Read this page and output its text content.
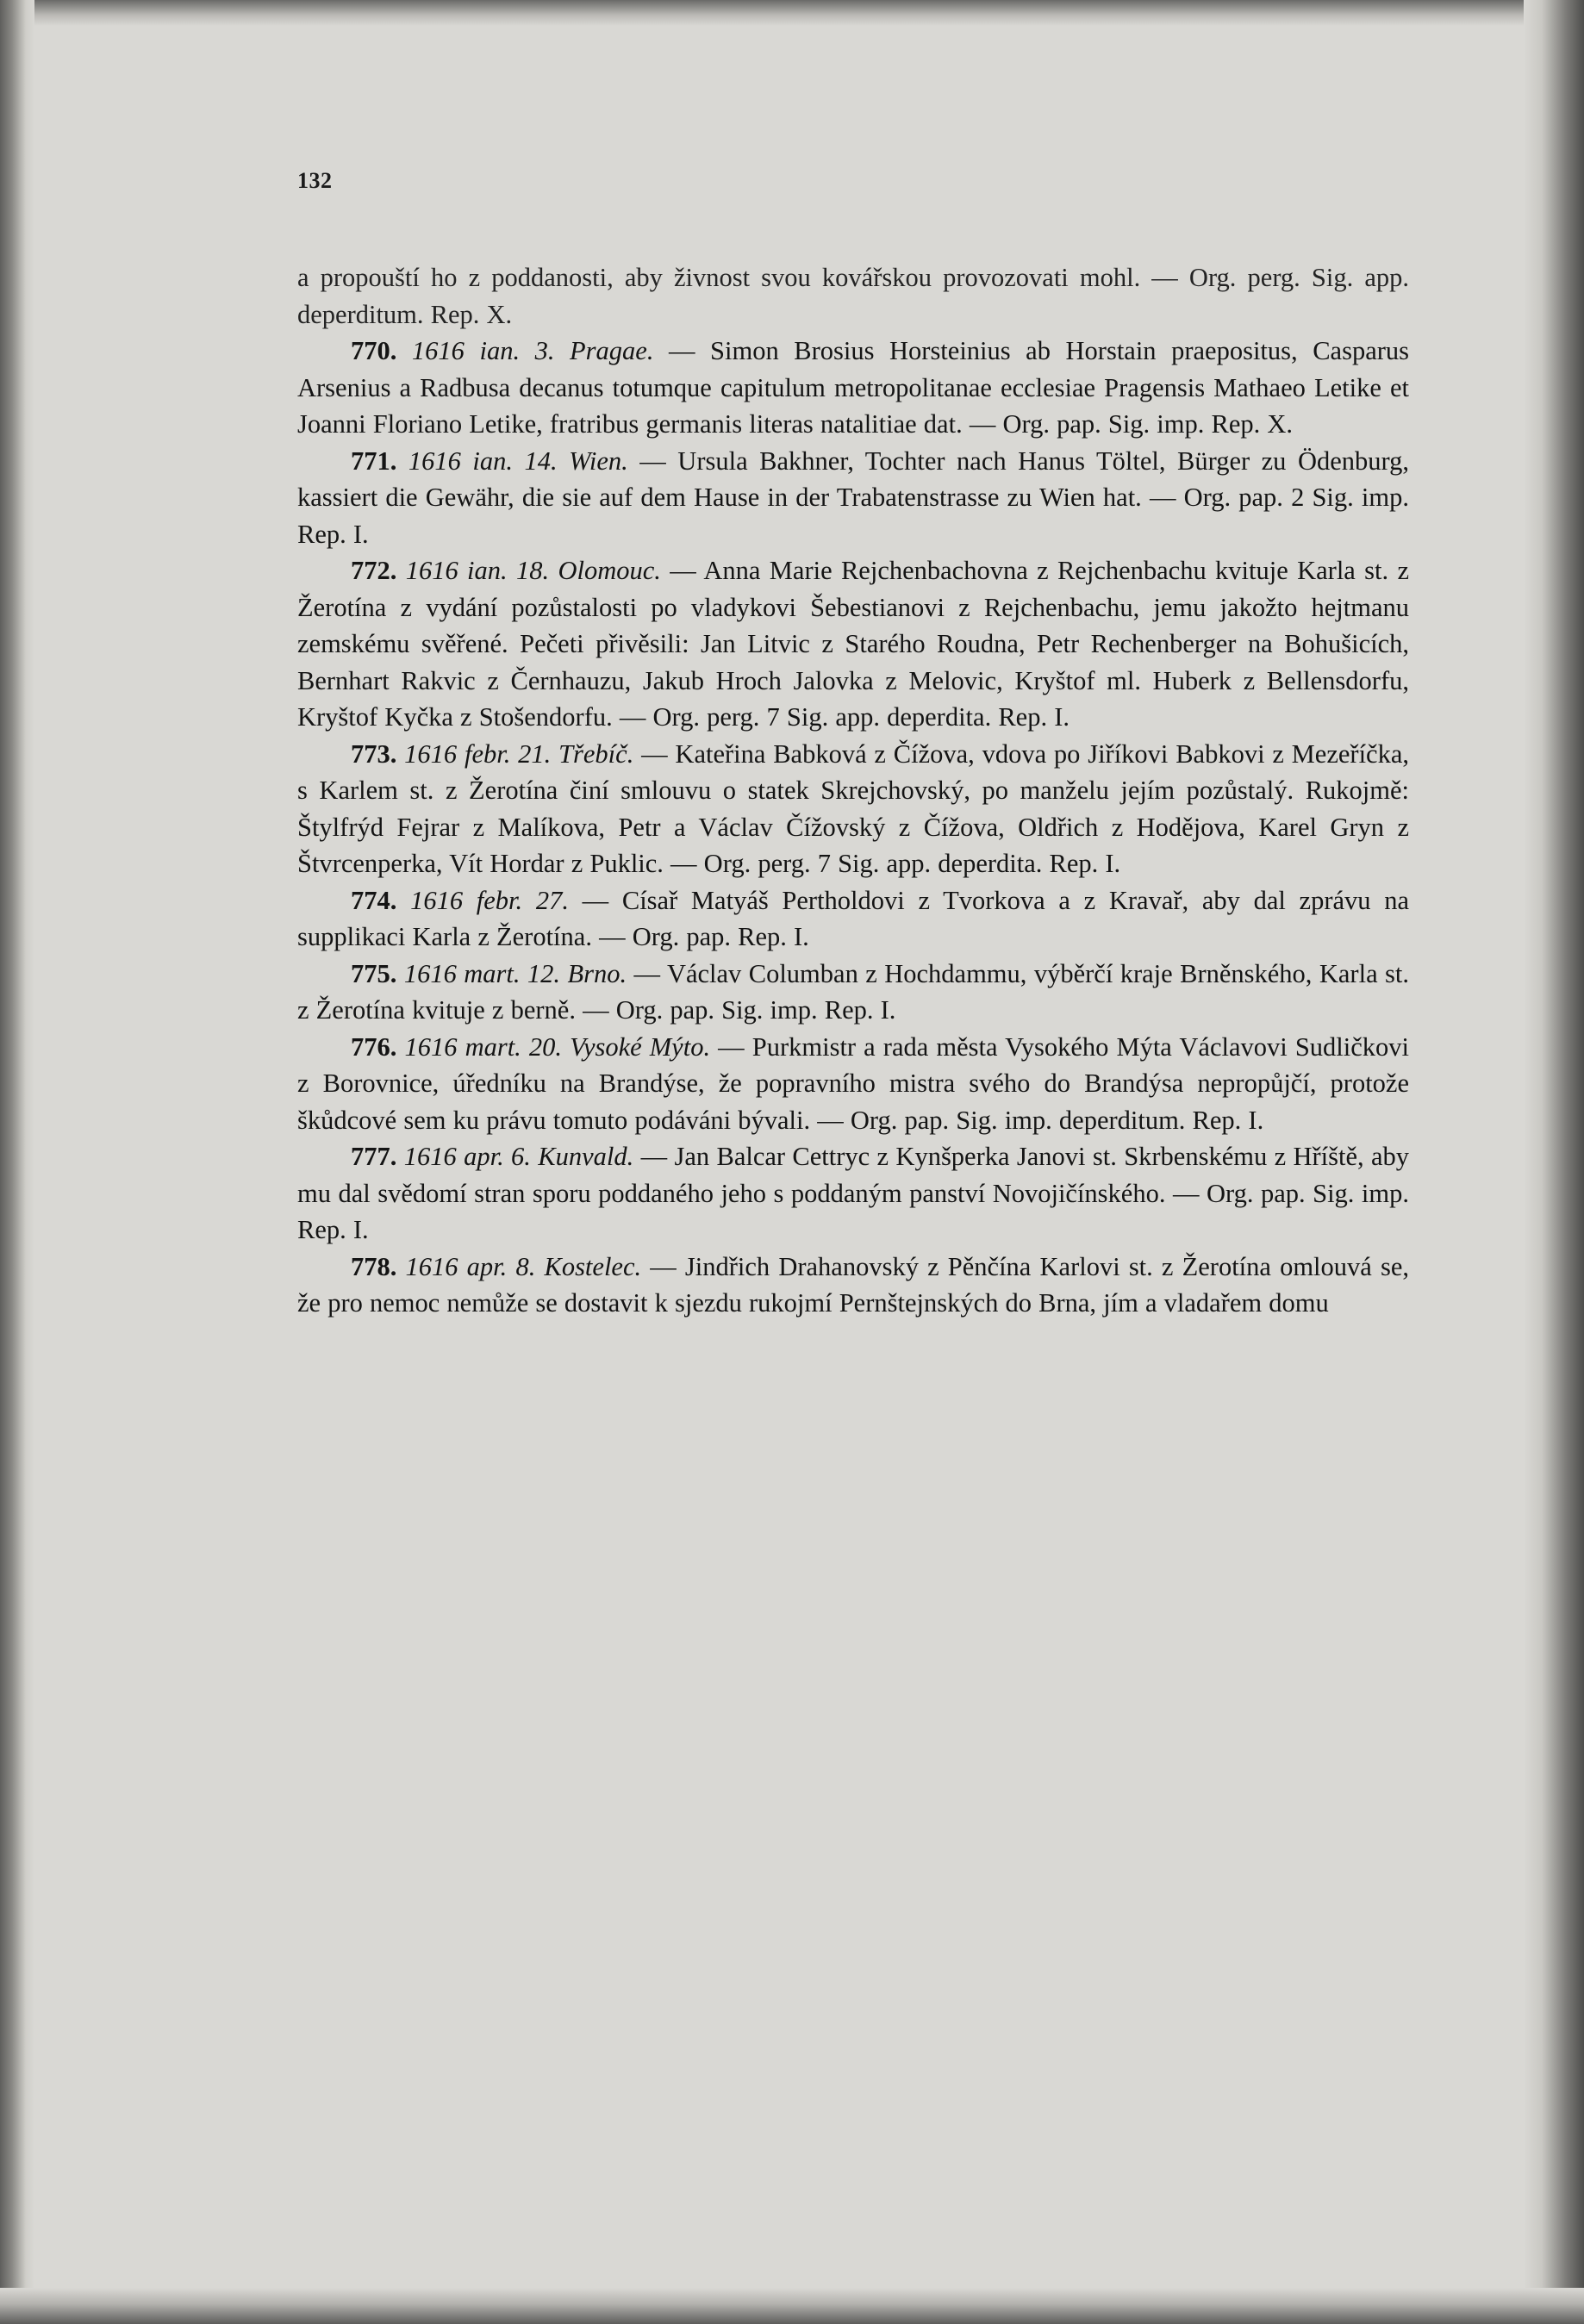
132

a propouští ho z poddanosti, aby živnost svou kovářskou provozovati mohl. — Org. perg. Sig. app. deperditum. Rep. X.

770. 1616 ian. 3. Pragae. — Simon Brosius Horsteinius ab Horstain praepositus, Casparus Arsenius a Radbusa decanus totumque capitulum metropolitanae ecclesiae Pragensis Mathaeo Letike et Joanni Floriano Letike, fratribus germanis literas natalitiae dat. — Org. pap. Sig. imp. Rep. X.

771. 1616 ian. 14. Wien. — Ursula Bakhner, Tochter nach Hanus Töltel, Bürger zu Ödenburg, kassiert die Gewähr, die sie auf dem Hause in der Trabatenstrasse zu Wien hat. — Org. pap. 2 Sig. imp. Rep. I.

772. 1616 ian. 18. Olomouc. — Anna Marie Rejchenbachovna z Rejchenbachu kvituje Karla st. z Žerotína z vydání pozůstalosti po vladykovi Šebestianovi z Rejchenbachu, jemu jakožto hejtmanu zemskému svěřené. Pečeti přivěsili: Jan Litvic z Starého Roudna, Petr Rechenberger na Bohušicích, Bernhart Rakvic z Černhauzu, Jakub Hroch Jalovka z Melovic, Kryštof ml. Huberk z Bellensdorfu, Kryštof Kyčka z Stošendorfu. — Org. perg. 7 Sig. app. deperdita. Rep. I.

773. 1616 febr. 21. Třebíč. — Kateřina Babková z Čížova, vdova po Jiříkovi Babkovi z Mezeříčka, s Karlem st. z Žerotína činí smlouvu o statek Skrejchovský, po manželu jejím pozůstalý. Rukojmě: Štylfrýd Fejrar z Malíkova, Petr a Václav Čížovský z Čížova, Oldřich z Hodějova, Karel Gryn z Štvrcenperka, Vít Hordar z Puklic. — Org. perg. 7 Sig. app. deperdita. Rep. I.

774. 1616 febr. 27. — Císař Matyáš Pertholdovi z Tvorkova a z Kravař, aby dal zprávu na supplikaci Karla z Žerotína. — Org. pap. Rep. I.

775. 1616 mart. 12. Brno. — Václav Columban z Hochdammu, výběrčí kraje Brněnského, Karla st. z Žerotína kvituje z berně. — Org. pap. Sig. imp. Rep. I.

776. 1616 mart. 20. Vysoké Mýto. — Purkmistr a rada města Vysokého Mýta Václavovi Sudličkovi z Borovnice, úředníku na Brandýse, že popravního mistra svého do Brandýsa nepropůjčí, protože škůdcové sem ku právu tomuto podáváni bývali. — Org. pap. Sig. imp. deperditum. Rep. I.

777. 1616 apr. 6. Kunvald. — Jan Balcar Cettryc z Kynšperka Janovi st. Skrbenskému z Hříště, aby mu dal svědomí stran sporu poddaného jeho s poddaným panství Novojičínského. — Org. pap. Sig. imp. Rep. I.

778. 1616 apr. 8. Kostelec. — Jindřich Drahanovský z Pěnčína Karlovi st. z Žerotína omlouvá se, že pro nemoc nemůže se dostavit k sjezdu rukojmí Pernštejnských do Brna, jím a vladařem domu
